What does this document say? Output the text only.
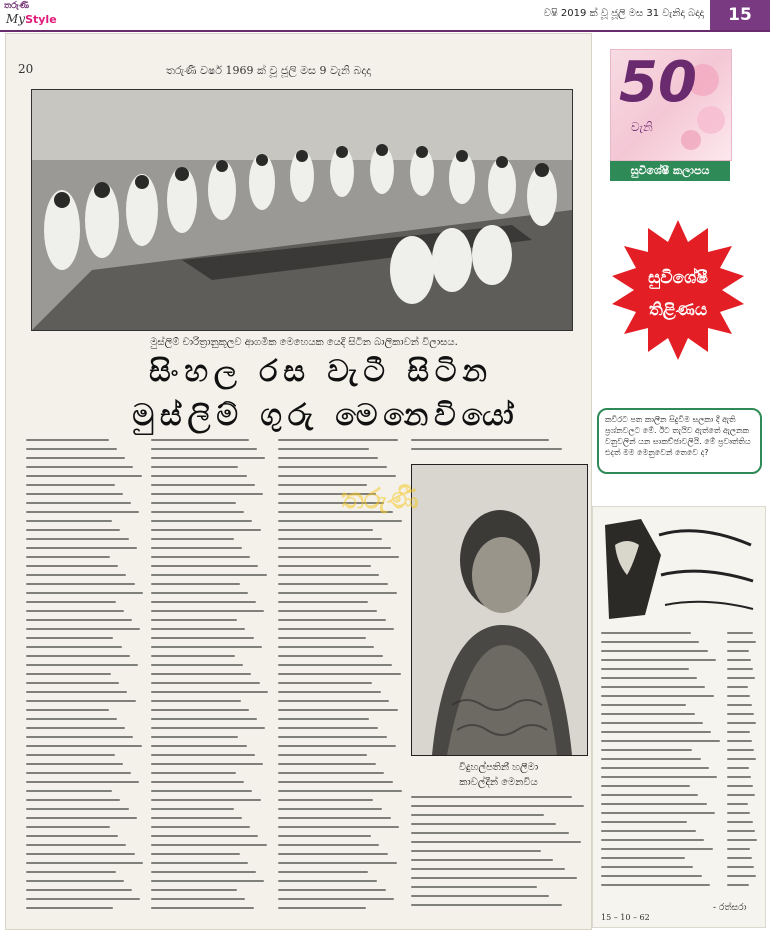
තරුණි
MyStyle	වෂි 2019 ක් වූ ජූලි මස 31 වැනිදා බදාදා	15
20	තරුණී වර්ෂ 1969 ක් වූ ජූලි මස 9 වැනි බදාදා
මුස්ලිම් චාරිත්‍රානුකූලව ආගමික මෙහෙයක යෙදී සිටින බාලිකාවන් විලාසය.
සිංහල රස වැටී සිටින
මුස්ලිම් ගුරු මෙනෙවියෝ
විදුහල්පතිනී හලීමා
කාවල්දීන් මෙනවිය
තරුණී
50
වැනි
සුවිශේෂී කලාපය
සුවිශේෂී
තිළිණය
කවිරට පත කාලීන සිදුවීම සලකා දී ඇති ප්‍රශ්නවලට මේ. ඊට තැයිව ඇත්තේ ඇලනක වනුවලින් යන සාකච්ඡාවලියි. මේ ප්‍රවෘත්තිය එදත් මම මෙනුවෙන් තෙවෙ ද?
- රත්සරා
15 – 10 – 62
